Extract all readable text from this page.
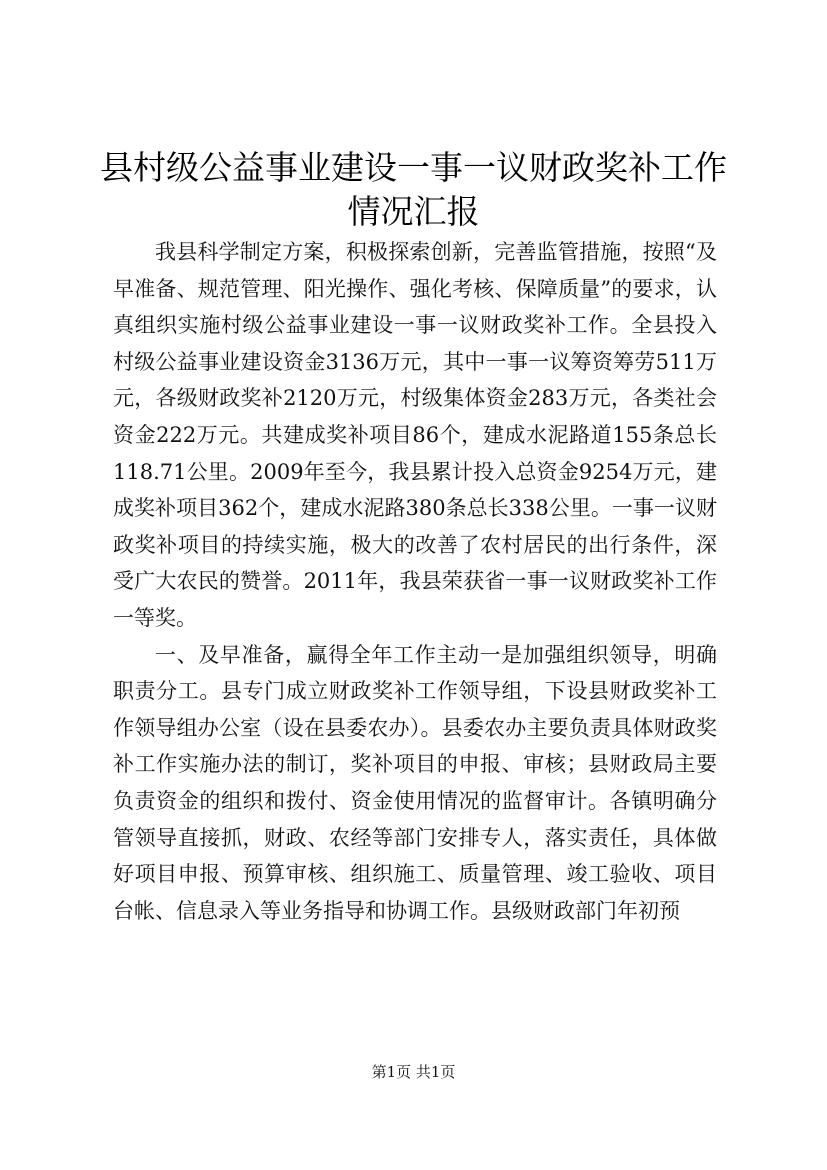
县村级公益事业建设一事一议财政奖补工作情况汇报

我县科学制定方案，积极探索创新，完善监管措施，按照“及早准备、规范管理、阳光操作、强化考核、保障质量”的要求，认真组织实施村级公益事业建设一事一议财政奖补工作。全县投入村级公益事业建设资金3136万元，其中一事一议筹资筹劳511万元，各级财政奖补2120万元，村级集体资金283万元，各类社会资金222万元。共建成奖补项目86个，建成水泥路道155条总长118.71公里。2009年至今，我县累计投入总资金9254万元，建成奖补项目362个，建成水泥路380条总长338公里。一事一议财政奖补项目的持续实施，极大的改善了农村居民的出行条件，深受广大农民的赞誉。2011年，我县荣获省一事一议财政奖补工作一等奖。

一、及早准备，赢得全年工作主动一是加强组织领导，明确职责分工。县专门成立财政奖补工作领导组，下设县财政奖补工作领导组办公室（设在县委农办）。县委农办主要负责具体财政奖补工作实施办法的制订，奖补项目的申报、审核；县财政局主要负责资金的组织和拨付、资金使用情况的监督审计。各镇明确分管领导直接抓，财政、农经等部门安排专人，落实责任，具体做好项目申报、预算审核、组织施工、质量管理、竣工验收、项目台帐、信息录入等业务指导和协调工作。县级财政部门年初预

第1页 共1页
